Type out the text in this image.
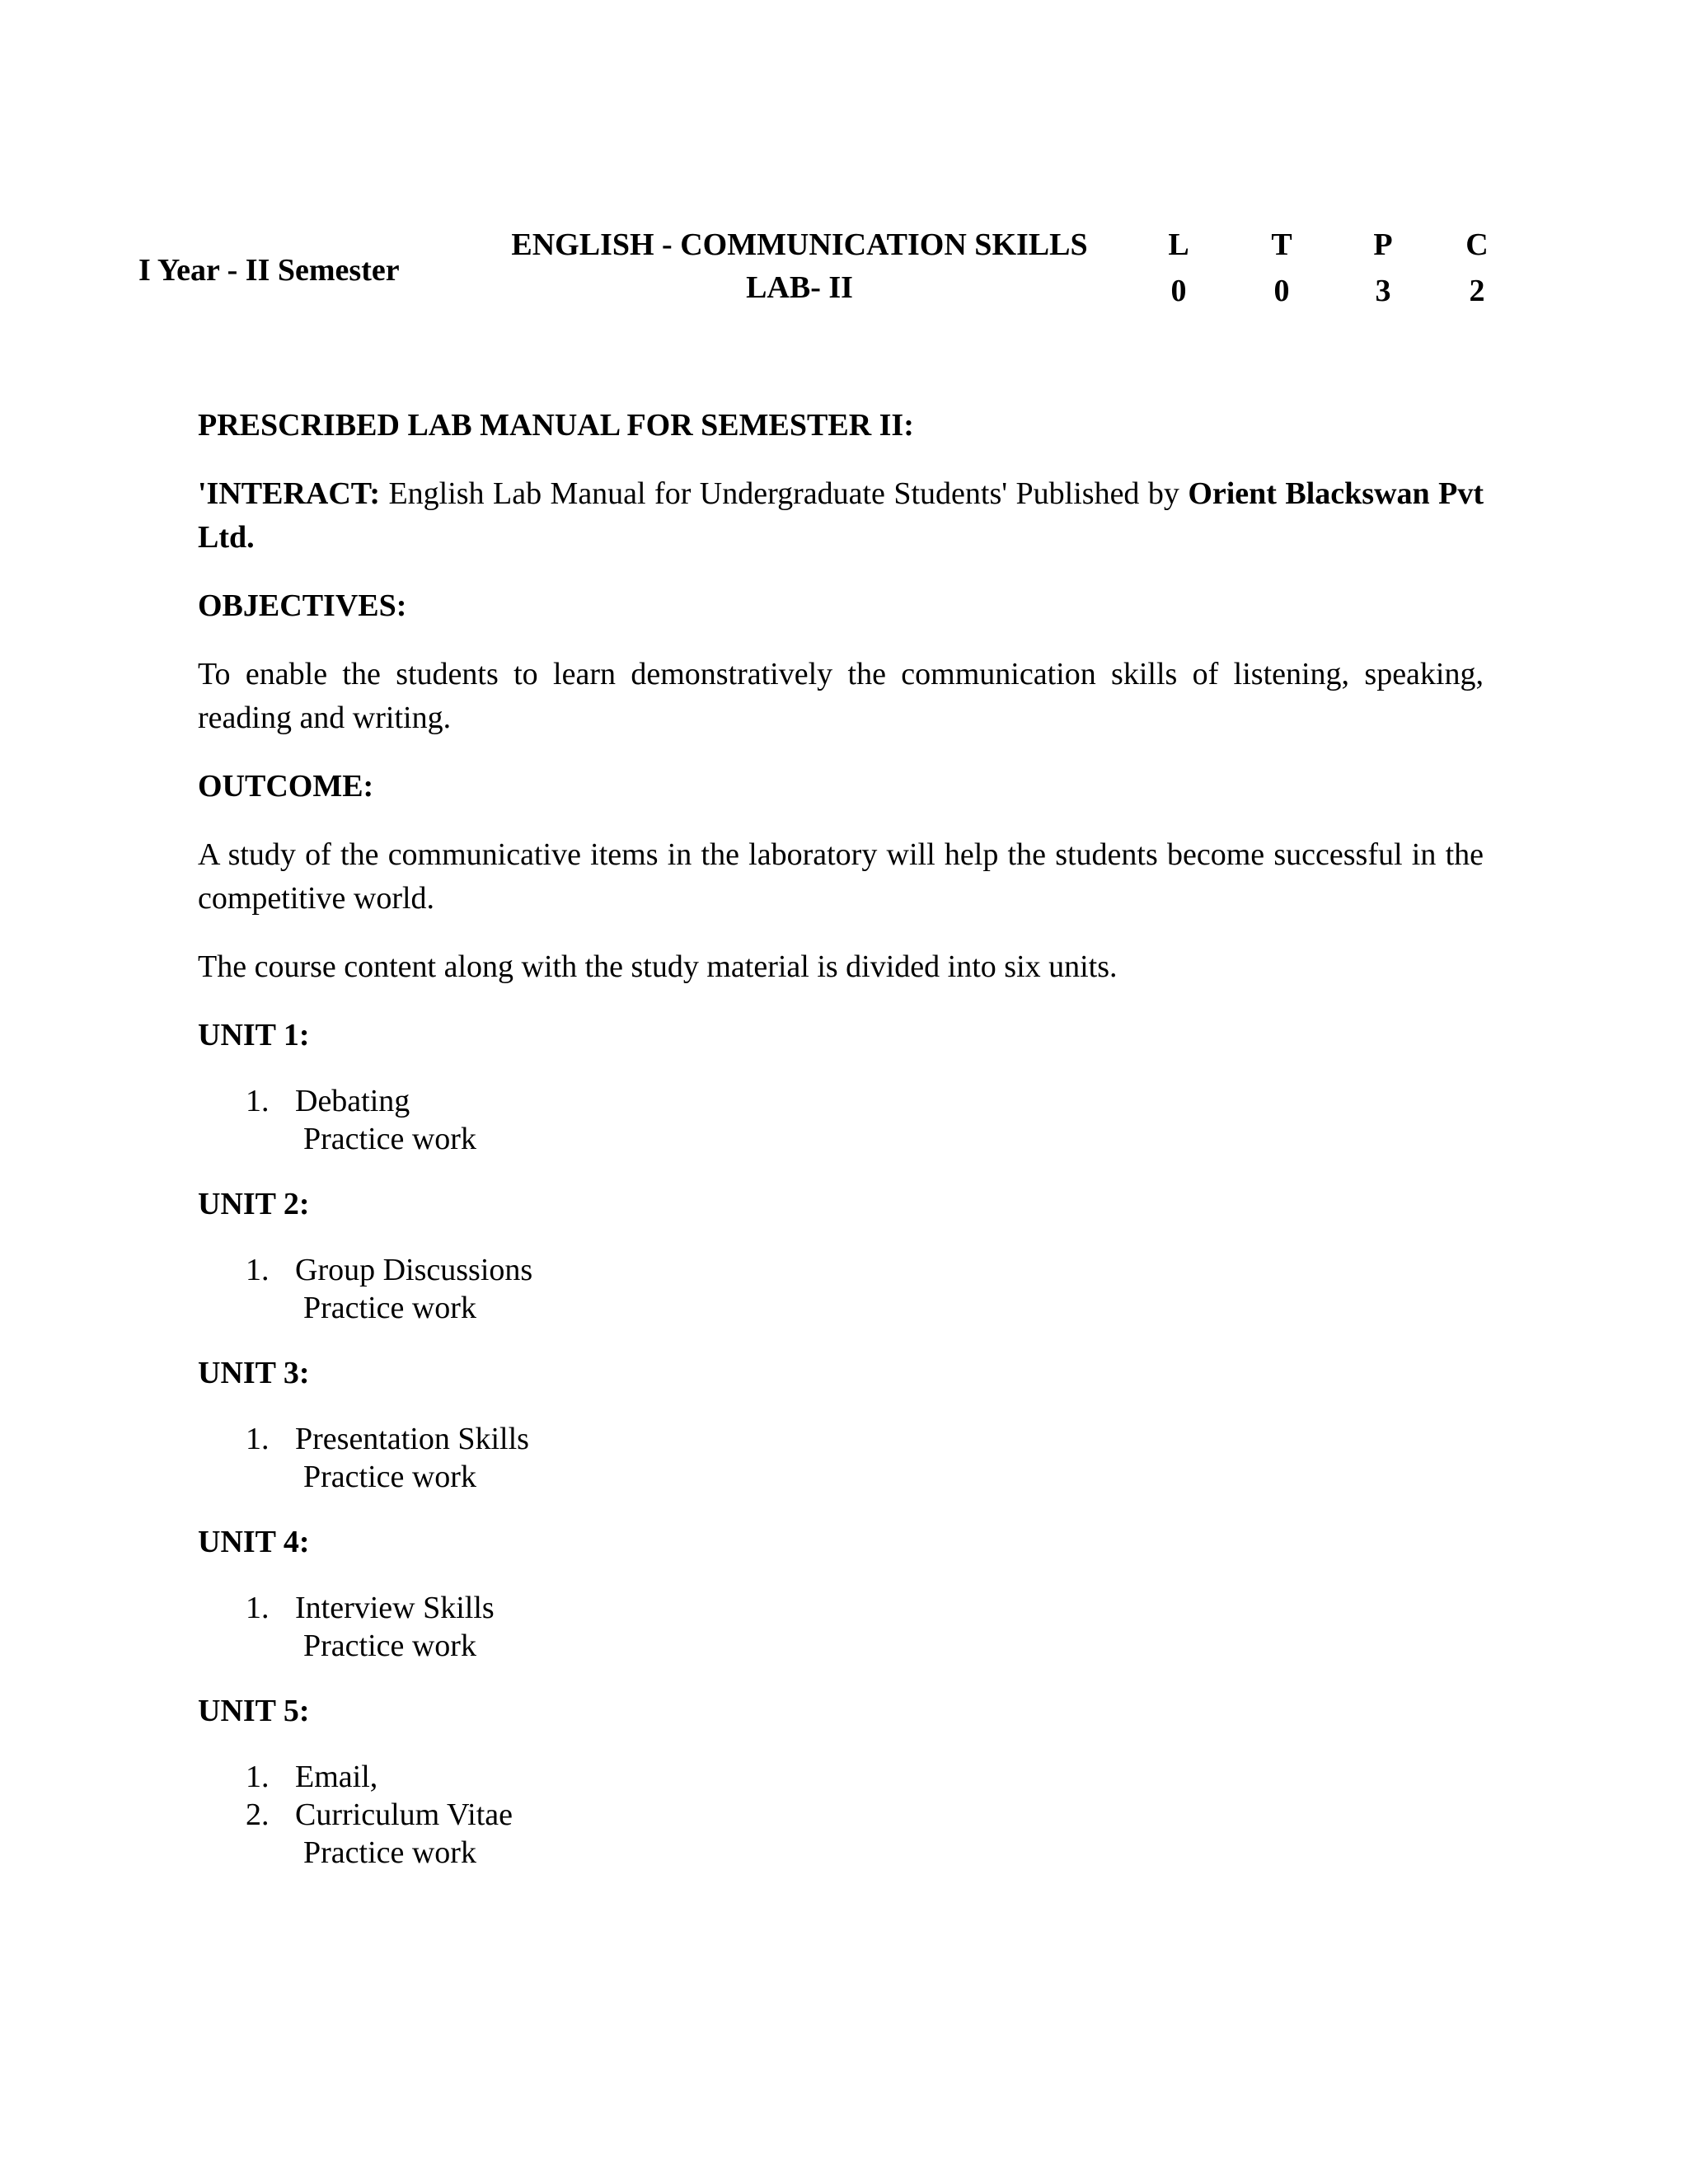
I Year - II Semester
ENGLISH - COMMUNICATION SKILLS
LAB- II
L
0
T
0
P
3
C
2
PRESCRIBED LAB MANUAL FOR SEMESTER II:
'INTERACT: English Lab Manual for Undergraduate Students' Published by Orient Blackswan Pvt Ltd.
OBJECTIVES:
To enable the students to learn demonstratively the communication skills of listening, speaking, reading and writing.
OUTCOME:
A study of the communicative items in the laboratory will help the students become successful in the competitive world.
The course content along with the study material is divided into six units.
UNIT 1:
1. Debating
Practice work
UNIT 2:
1. Group Discussions
Practice work
UNIT 3:
1. Presentation Skills
Practice work
UNIT 4:
1. Interview Skills
Practice work
UNIT 5:
1. Email,
2. Curriculum Vitae
Practice work
